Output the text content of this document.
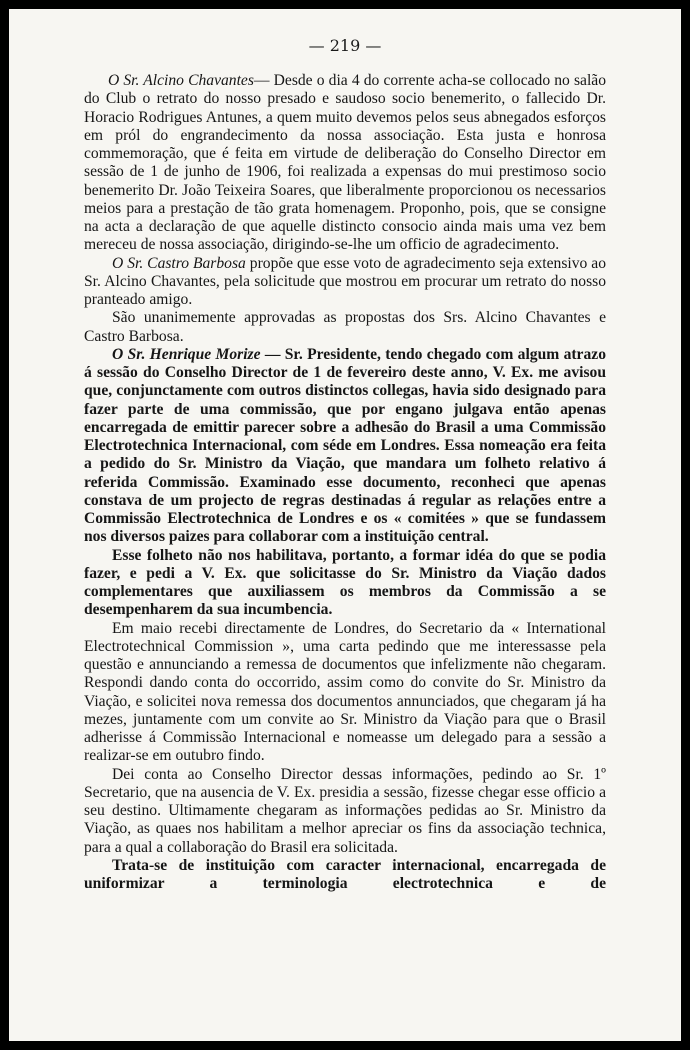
— 219 —

O Sr. Alcino Chavantes— Desde o dia 4 do corrente acha-se collocado no salão do Club o retrato do nosso presado e saudoso socio benemerito, o fallecido Dr. Horacio Rodrigues Antunes, a quem muito devemos pelos seus abnegados esforços em pról do engrandecimento da nossa associação. Esta justa e honrosa commemoração, que é feita em virtude de deliberação do Conselho Director em sessão de 1 de junho de 1906, foi realizada a expensas do mui prestimoso socio benemerito Dr. João Teixeira Soares, que liberalmente proporcionou os necessarios meios para a prestação de tão grata homenagem. Proponho, pois, que se consigne na acta a declaração de que aquelle distincto consocio ainda mais uma vez bem mereceu de nossa associação, dirigindo-se-lhe um officio de agradecimento.

O Sr. Castro Barbosa propõe que esse voto de agradecimento seja extensivo ao Sr. Alcino Chavantes, pela solicitude que mostrou em procurar um retrato do nosso pranteado amigo.

São unanimemente approvadas as propostas dos Srs. Alcino Chavantes e Castro Barbosa.

O Sr. Henrique Morize — Sr. Presidente, tendo chegado com algum atrazo á sessão do Conselho Director de 1 de fevereiro deste anno, V. Ex. me avisou que, conjunctamente com outros distinctos collegas, havia sido designado para fazer parte de uma commissão, que por engano julgava então apenas encarregada de emittir parecer sobre a adhesão do Brasil a uma Commissão Electrotechnica Internacional, com séde em Londres. Essa nomeação era feita a pedido do Sr. Ministro da Viação, que mandara um folheto relativo á referida Commissão. Examinado esse documento, reconheci que apenas constava de um projecto de regras destinadas á regular as relações entre a Commissão Electrotechnica de Londres e os « comitées » que se fundassem nos diversos paizes para collaborar com a instituição central.

Esse folheto não nos habilitava, portanto, a formar idéa do que se podia fazer, e pedi a V. Ex. que solicitasse do Sr. Ministro da Viação dados complementares que auxiliassem os membros da Commissão a se desempenharem da sua incumbencia.

Em maio recebi directamente de Londres, do Secretario da « International Electrotechnical Commission », uma carta pedindo que me interessasse pela questão e annunciando a remessa de documentos que infelizmente não chegaram. Respondi dando conta do occorrido, assim como do convite do Sr. Ministro da Viação, e solicitei nova remessa dos documentos annunciados, que chegaram já ha mezes, juntamente com um convite ao Sr. Ministro da Viação para que o Brasil adherisse á Commissão Internacional e nomeasse um delegado para a sessão a realizar-se em outubro findo.

Dei conta ao Conselho Director dessas informações, pedindo ao Sr. 1º Secretario, que na ausencia de V. Ex. presidia a sessão, fizesse chegar esse officio a seu destino. Ultimamente chegaram as informações pedidas ao Sr. Ministro da Viação, as quaes nos habilitam a melhor apreciar os fins da associação technica, para a qual a collaboração do Brasil era solicitada.

Trata-se de instituição com caracter internacional, encarregada de uniformizar a terminologia electrotechnica e de
